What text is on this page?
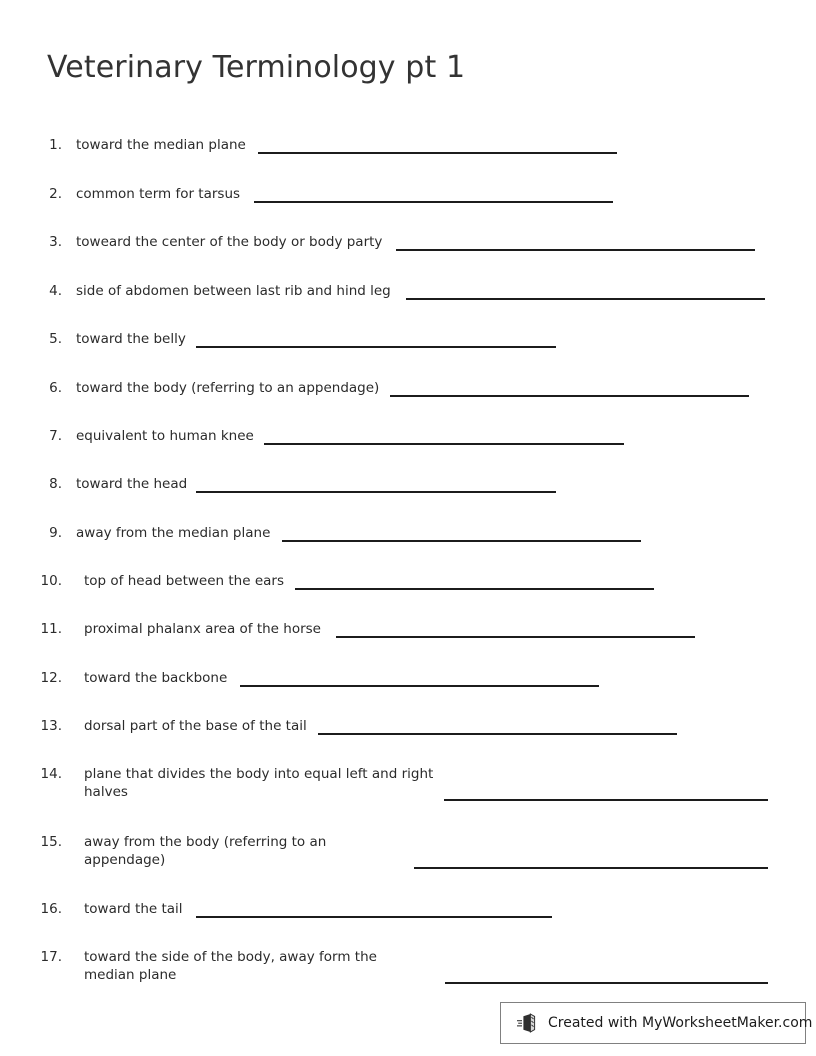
Veterinary Terminology pt 1
1. toward the median plane
2. common term for tarsus
3. toweard the center of the body or body party
4. side of abdomen between last rib and hind leg
5. toward the belly
6. toward the body (referring to an appendage)
7. equivalent to human knee
8. toward the head
9. away from the median plane
10. top of head between the ears
11. proximal phalanx area of the horse
12. toward the backbone
13. dorsal part of the base of the tail
14. plane that divides the body into equal left and right
halves
15. away from the body (referring to an
appendage)
16. toward the tail
17. toward the side of the body, away form the
median plane
Created with MyWorksheetMaker.com
